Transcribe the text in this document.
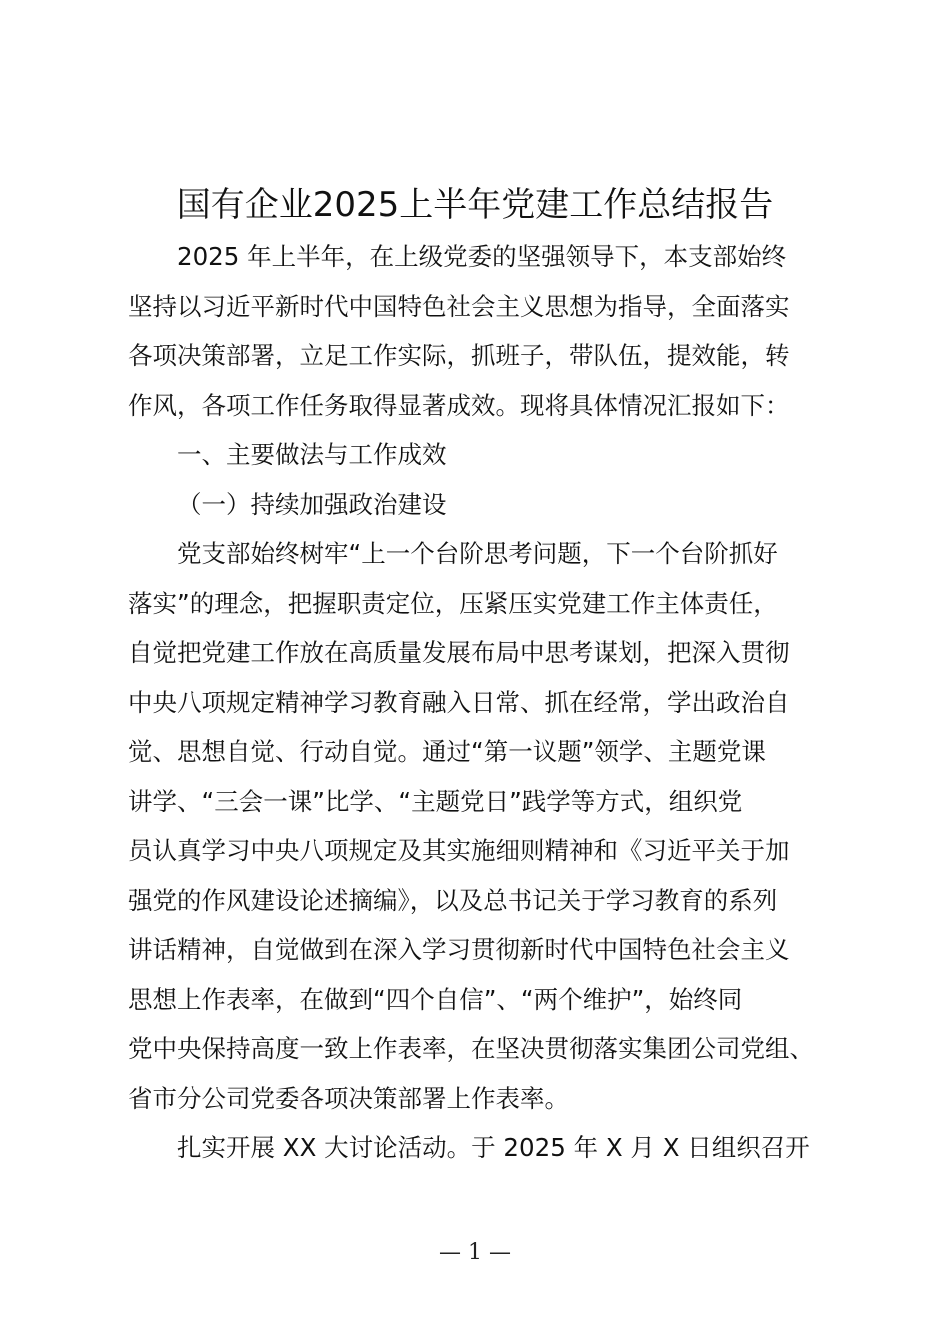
国有企业2025上半年党建工作总结报告
2025 年上半年，在上级党委的坚强领导下，本支部始终
坚持以习近平新时代中国特色社会主义思想为指导，全面落实
各项决策部署，立足工作实际，抓班子，带队伍，提效能，转
作风，各项工作任务取得显著成效。现将具体情况汇报如下：
一、主要做法与工作成效
（一）持续加强政治建设
党支部始终树牢“上一个台阶思考问题，下一个台阶抓好
落实”的理念，把握职责定位，压紧压实党建工作主体责任，
自觉把党建工作放在高质量发展布局中思考谋划，把深入贯彻
中央八项规定精神学习教育融入日常、抓在经常，学出政治自
觉、思想自觉、行动自觉。通过“第一议题”领学、主题党课
讲学、“三会一课”比学、“主题党日”践学等方式，组织党
员认真学习中央八项规定及其实施细则精神和《习近平关于加
强党的作风建设论述摘编》，以及总书记关于学习教育的系列
讲话精神，自觉做到在深入学习贯彻新时代中国特色社会主义
思想上作表率，在做到“四个自信”、“两个维护”，始终同
党中央保持高度一致上作表率，在坚决贯彻落实集团公司党组、
省市分公司党委各项决策部署上作表率。
扎实开展 XX 大讨论活动。于 2025 年 X 月 X 日组织召开
— 1 —
